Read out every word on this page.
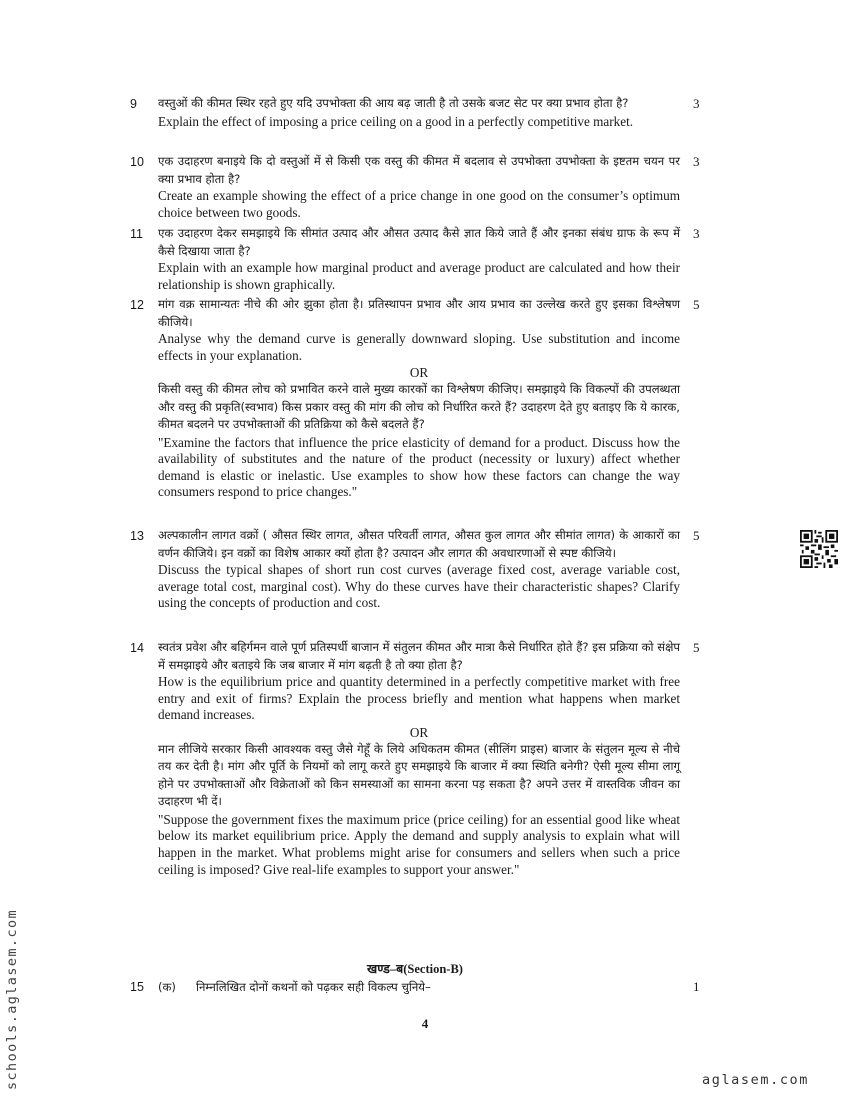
9 वस्तुओं की कीमत स्थिर रहते हुए यदि उपभोक्ता की आय बढ़ जाती है तो उसके बजट सेट पर क्या प्रभाव होता है?

Explain the effect of imposing a price ceiling on a good in a perfectly competitive market.

3
10 एक उदाहरण बनाइये कि दो वस्तुओं में से किसी एक वस्तु की कीमत में बदलाव से उपभोक्ता उपभोक्ता के इष्टतम चयन पर क्या प्रभाव होता है?

Create an example showing the effect of a price change in one good on the consumer’s optimum choice between two goods.

3
11 एक उदाहरण देकर समझाइये कि सीमांत उत्पाद और औसत उत्पाद कैसे ज्ञात किये जाते हैं और इनका संबंध ग्राफ के रूप में कैसे दिखाया जाता है?

Explain with an example how marginal product and average product are calculated and how their relationship is shown graphically.

3
12 मांग वक्र सामान्यतः नीचे की ओर झुका होता है। प्रतिस्थापन प्रभाव और आय प्रभाव का उल्लेख करते हुए इसका विश्लेषण कीजिये।

Analyse why the demand curve is generally downward sloping. Use substitution and income effects in your explanation.

OR

किसी वस्तु की कीमत लोच को प्रभावित करने वाले मुख्य कारकों का विश्लेषण कीजिए। समझाइये कि विकल्पों की उपलब्धता और वस्तु की प्रकृति(स्वभाव) किस प्रकार वस्तु की मांग की लोच को निर्धारित करते हैं? उदाहरण देते हुए बताइए कि ये कारक, कीमत बदलने पर उपभोक्ताओं की प्रतिक्रिया को कैसे बदलते हैं?

"Examine the factors that influence the price elasticity of demand for a product. Discuss how the availability of substitutes and the nature of the product (necessity or luxury) affect whether demand is elastic or inelastic. Use examples to show how these factors can change the way consumers respond to price changes."

5
13 अल्पकालीन लागत वक्रों ( औसत स्थिर लागत, औसत परिवर्ती लागत, औसत कुल लागत और सीमांत लागत) के आकारों का वर्णन कीजिये। इन वक्रों का विशेष आकार क्यों होता है? उत्पादन और लागत की अवधारणाओं से स्पष्ट कीजिये।

Discuss the typical shapes of short run cost curves (average fixed cost, average variable cost, average total cost, marginal cost). Why do these curves have their characteristic shapes? Clarify using the concepts of production and cost.

5
14 स्वतंत्र प्रवेश और बहिर्गमन वाले पूर्ण प्रतिस्पर्धी बाजान में संतुलन कीमत और मात्रा कैसे निर्धारित होते हैं? इस प्रक्रिया को संक्षेप में समझाइये और बताइये कि जब बाजार में मांग बढ़ती है तो क्या होता है?

How is the equilibrium price and quantity determined in a perfectly competitive market with free entry and exit of firms? Explain the process briefly and mention what happens when market demand increases.

OR

मान लीजिये सरकार किसी आवश्यक वस्तु जैसे गेहूँ के लिये अधिकतम कीमत (सीलिंग प्राइस) बाजार के संतुलन मूल्य से नीचे तय कर देती है। मांग और पूर्ति के नियमों को लागू करते हुए समझाइये कि बाजार में क्या स्थिति बनेगी? ऐसी मूल्य सीमा लागू होने पर उपभोक्ताओं और विक्रेताओं को किन समस्याओं का सामना करना पड़ सकता है? अपने उत्तर में वास्तविक जीवन का उदाहरण भी दें।

"Suppose the government fixes the maximum price (price ceiling) for an essential good like wheat below its market equilibrium price. Apply the demand and supply analysis to explain what will happen in the market. What problems might arise for consumers and sellers when such a price ceiling is imposed? Give real-life examples to support your answer."

5
खण्ड–ब(Section-B)
15 (क) निम्नलिखित दोनों कथनों को पढ़कर सही विकल्प चुनिये–	1
4
schools.aglasem.com	aglasem.com
